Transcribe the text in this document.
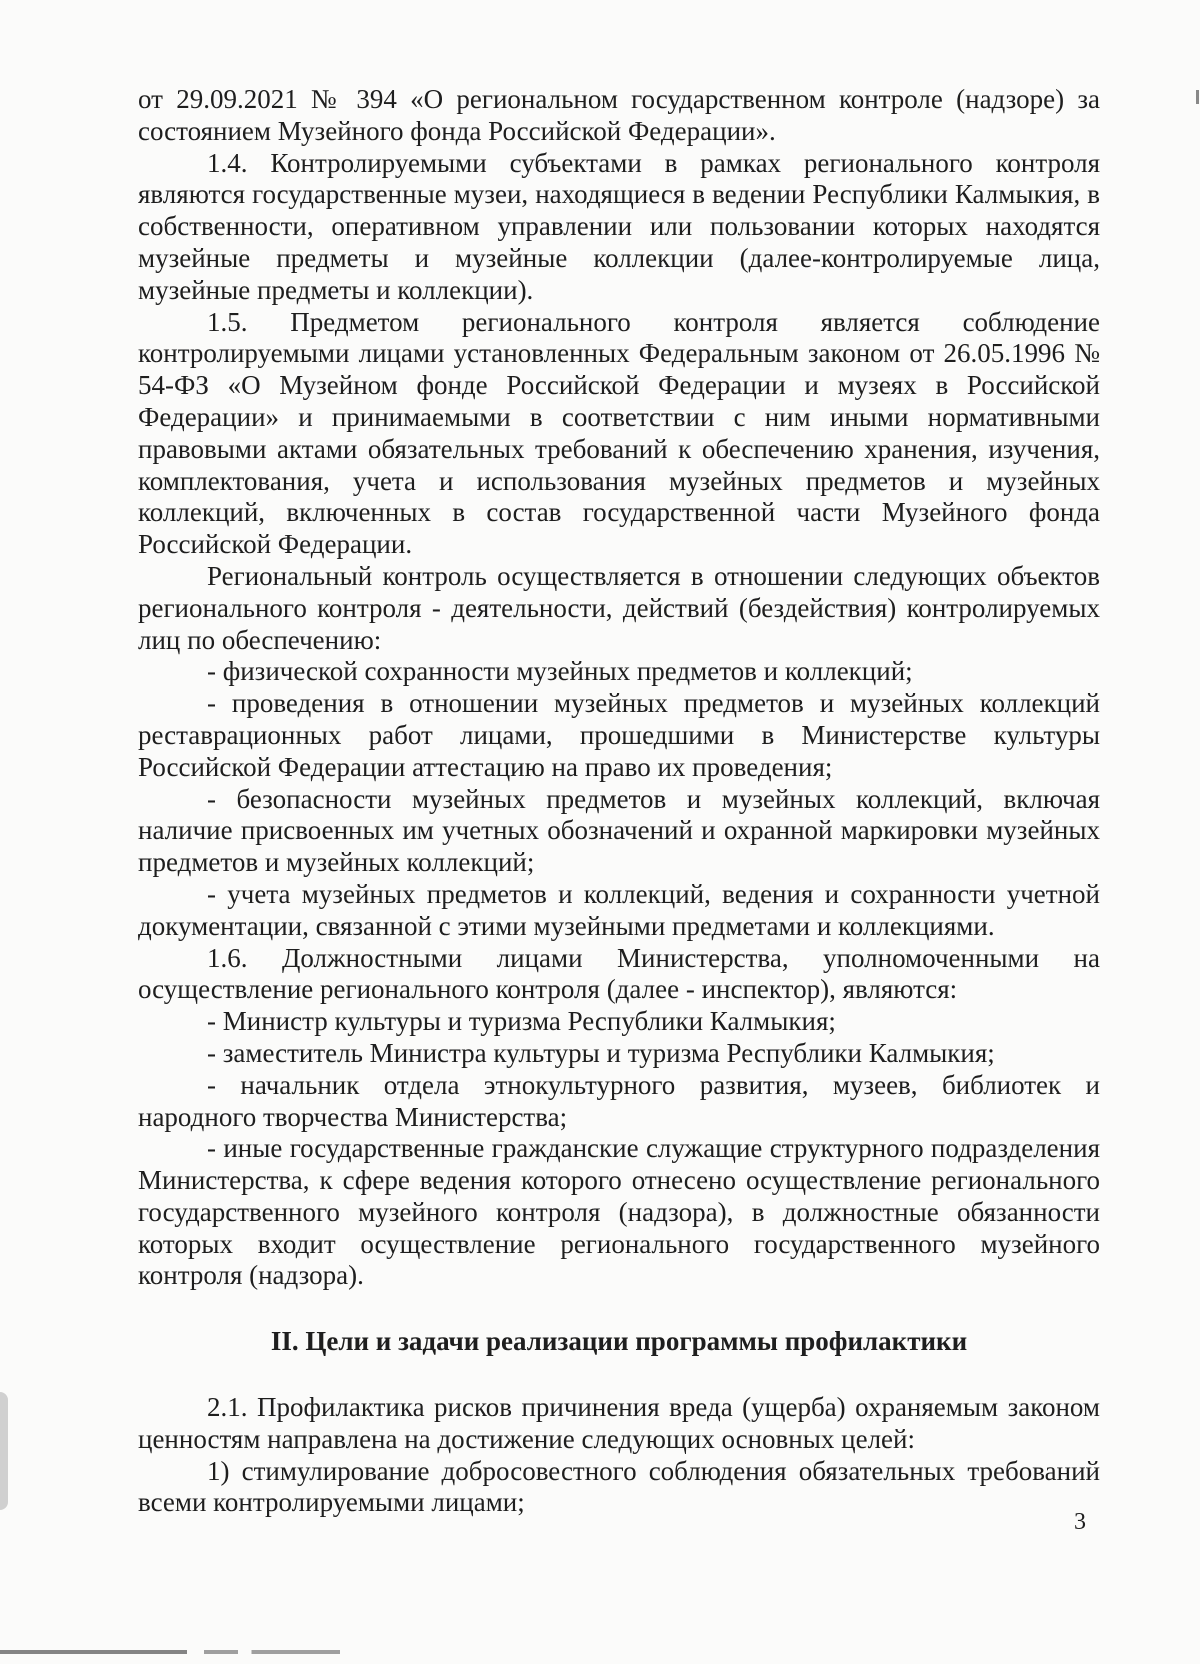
от 29.09.2021 № 394 «О региональном государственном контроле (надзоре) за состоянием Музейного фонда Российской Федерации».

1.4. Контролируемыми субъектами в рамках регионального контроля являются государственные музеи, находящиеся в ведении Республики Калмыкия, в собственности, оперативном управлении или пользовании которых находятся музейные предметы и музейные коллекции (далее-контролируемые лица, музейные предметы и коллекции).

1.5. Предметом регионального контроля является соблюдение контролируемыми лицами установленных Федеральным законом от 26.05.1996 № 54-ФЗ «О Музейном фонде Российской Федерации и музеях в Российской Федерации» и принимаемыми в соответствии с ним иными нормативными правовыми актами обязательных требований к обеспечению хранения, изучения, комплектования, учета и использования музейных предметов и музейных коллекций, включенных в состав государственной части Музейного фонда Российской Федерации.

Региональный контроль осуществляется в отношении следующих объектов регионального контроля - деятельности, действий (бездействия) контролируемых лиц по обеспечению:

- физической сохранности музейных предметов и коллекций;

- проведения в отношении музейных предметов и музейных коллекций реставрационных работ лицами, прошедшими в Министерстве культуры Российской Федерации аттестацию на право их проведения;

- безопасности музейных предметов и музейных коллекций, включая наличие присвоенных им учетных обозначений и охранной маркировки музейных предметов и музейных коллекций;

- учета музейных предметов и коллекций, ведения и сохранности учетной документации, связанной с этими музейными предметами и коллекциями.

1.6. Должностными лицами Министерства, уполномоченными на осуществление регионального контроля (далее - инспектор), являются:

- Министр культуры и туризма Республики Калмыкия;

- заместитель Министра культуры и туризма Республики Калмыкия;

- начальник отдела этнокультурного развития, музеев, библиотек и народного творчества Министерства;

- иные государственные гражданские служащие структурного подразделения Министерства, к сфере ведения которого отнесено осуществление регионального государственного музейного контроля (надзора), в должностные обязанности которых входит осуществление регионального государственного музейного контроля (надзора).

II. Цели и задачи реализации программы профилактики

2.1. Профилактика рисков причинения вреда (ущерба) охраняемым законом ценностям направлена на достижение следующих основных целей:

1) стимулирование добросовестного соблюдения обязательных требований всеми контролируемыми лицами;

3
